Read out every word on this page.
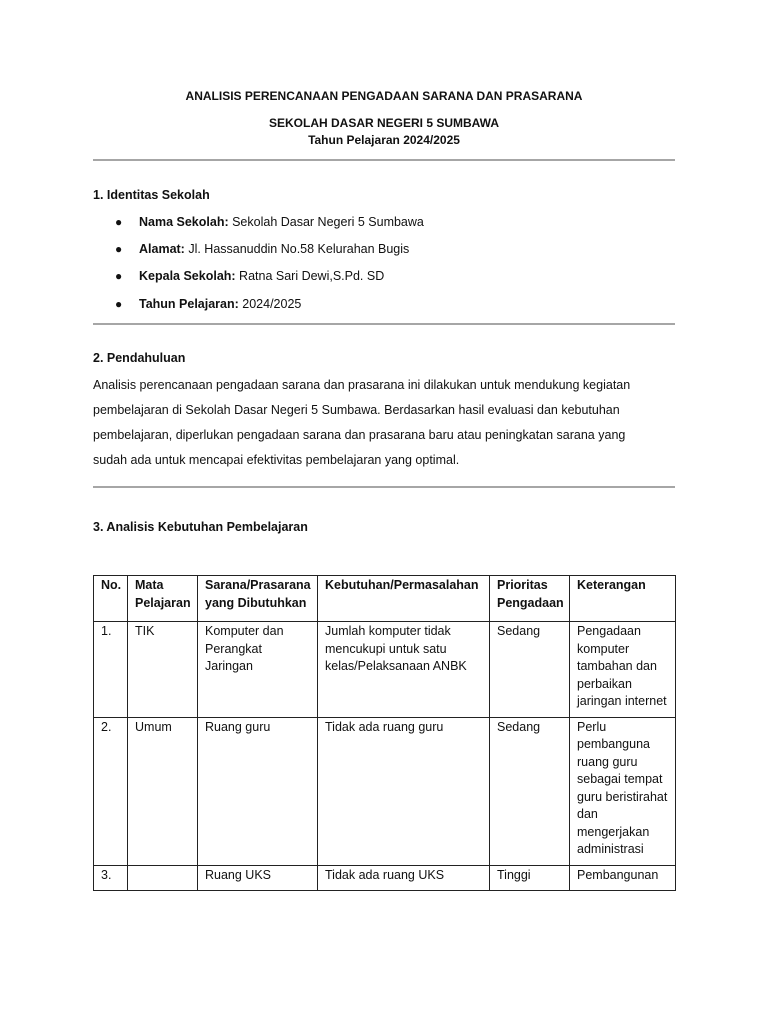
ANALISIS PERENCANAAN PENGADAAN SARANA DAN PRASARANA
SEKOLAH DASAR NEGERI 5 SUMBAWA
Tahun Pelajaran 2024/2025
1. Identitas Sekolah
● Nama Sekolah: Sekolah Dasar Negeri 5 Sumbawa
● Alamat: Jl. Hassanuddin No.58 Kelurahan Bugis
● Kepala Sekolah: Ratna Sari Dewi,S.Pd. SD
● Tahun Pelajaran: 2024/2025
2. Pendahuluan
Analisis perencanaan pengadaan sarana dan prasarana ini dilakukan untuk mendukung kegiatan
pembelajaran di Sekolah Dasar Negeri 5 Sumbawa. Berdasarkan hasil evaluasi dan kebutuhan
pembelajaran, diperlukan pengadaan sarana dan prasarana baru atau peningkatan sarana yang
sudah ada untuk mencapai efektivitas pembelajaran yang optimal.
3. Analisis Kebutuhan Pembelajaran
No.	Mata Pelajaran	Sarana/Prasarana yang Dibutuhkan	Kebutuhan/Permasalahan	Prioritas Pengadaan	Keterangan
1.	TIK	Komputer dan Perangkat Jaringan	Jumlah komputer tidak mencukupi untuk satu kelas/Pelaksanaan ANBK	Sedang	Pengadaan komputer tambahan dan perbaikan jaringan internet
2.	Umum	Ruang guru	Tidak ada ruang guru	Sedang	Perlu pembanguna ruang guru sebagai tempat guru beristirahat dan mengerjakan administrasi
3.		Ruang UKS	Tidak ada ruang UKS	Tinggi	Pembangunan
